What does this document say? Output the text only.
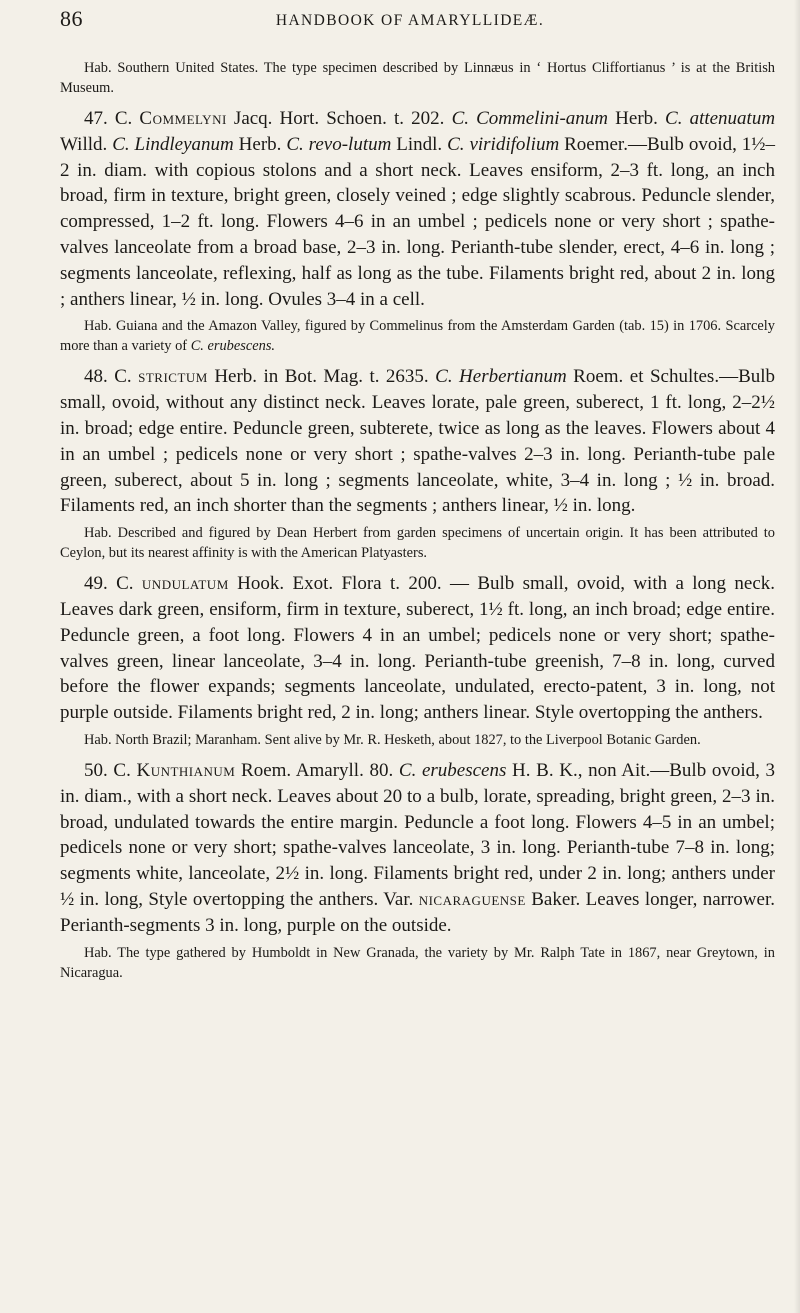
86	HANDBOOK OF AMARYLLIDEÆ.

Hab. Southern United States. The type specimen described by Linnæus in ‘ Hortus Cliffortianus ’ is at the British Museum.

47. C. Commelyni Jacq. Hort. Schoen. t. 202. C. Commelini-anum Herb. C. attenuatum Willd. C. Lindleyanum Herb. C. revo-lutum Lindl. C. viridifolium Roemer.—Bulb ovoid, 1½–2 in. diam. with copious stolons and a short neck. Leaves ensiform, 2–3 ft. long, an inch broad, firm in texture, bright green, closely veined ; edge slightly scabrous. Peduncle slender, compressed, 1–2 ft. long. Flowers 4–6 in an umbel ; pedicels none or very short ; spathe-valves lanceolate from a broad base, 2–3 in. long. Perianth-tube slender, erect, 4–6 in. long ; segments lanceolate, reflexing, half as long as the tube. Filaments bright red, about 2 in. long ; anthers linear, ½ in. long. Ovules 3–4 in a cell.

Hab. Guiana and the Amazon Valley, figured by Commelinus from the Amsterdam Garden (tab. 15) in 1706. Scarcely more than a variety of C. erubescens.

48. C. strictum Herb. in Bot. Mag. t. 2635. C. Herbertianum Roem. et Schultes.—Bulb small, ovoid, without any distinct neck. Leaves lorate, pale green, suberect, 1 ft. long, 2–2½ in. broad; edge entire. Peduncle green, subterete, twice as long as the leaves. Flowers about 4 in an umbel ; pedicels none or very short ; spathe-valves 2–3 in. long. Perianth-tube pale green, suberect, about 5 in. long ; segments lanceolate, white, 3–4 in. long ; ½ in. broad. Filaments red, an inch shorter than the segments ; anthers linear, ½ in. long.

Hab. Described and figured by Dean Herbert from garden specimens of uncertain origin. It has been attributed to Ceylon, but its nearest affinity is with the American Platyasters.

49. C. undulatum Hook. Exot. Flora t. 200. — Bulb small, ovoid, with a long neck. Leaves dark green, ensiform, firm in texture, suberect, 1½ ft. long, an inch broad; edge entire. Peduncle green, a foot long. Flowers 4 in an umbel; pedicels none or very short; spathe-valves green, linear lanceolate, 3–4 in. long. Perianth-tube greenish, 7–8 in. long, curved before the flower expands; segments lanceolate, undulated, erecto-patent, 3 in. long, not purple outside. Filaments bright red, 2 in. long; anthers linear. Style overtopping the anthers.

Hab. North Brazil; Maranham. Sent alive by Mr. R. Hesketh, about 1827, to the Liverpool Botanic Garden.

50. C. Kunthianum Roem. Amaryll. 80. C. erubescens H. B. K., non Ait.—Bulb ovoid, 3 in. diam., with a short neck. Leaves about 20 to a bulb, lorate, spreading, bright green, 2–3 in. broad, undulated towards the entire margin. Peduncle a foot long. Flowers 4–5 in an umbel; pedicels none or very short; spathe-valves lanceolate, 3 in. long. Perianth-tube 7–8 in. long; segments white, lanceolate, 2½ in. long. Filaments bright red, under 2 in. long; anthers under ½ in. long, Style overtopping the anthers. Var. nicaraguense Baker. Leaves longer, narrower. Perianth-segments 3 in. long, purple on the outside.

Hab. The type gathered by Humboldt in New Granada, the variety by Mr. Ralph Tate in 1867, near Greytown, in Nicaragua.
